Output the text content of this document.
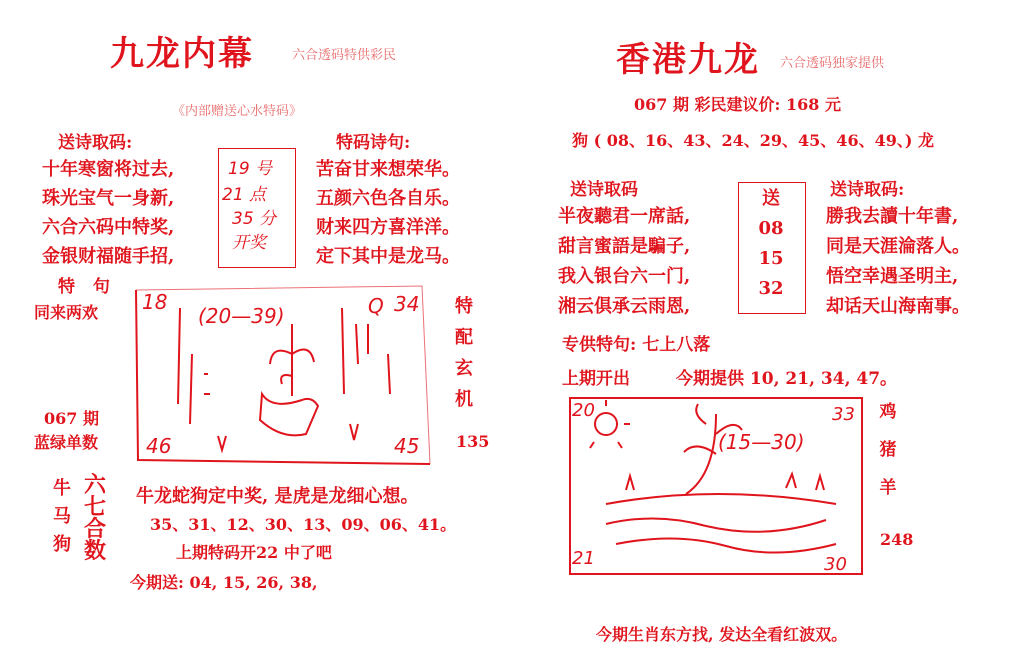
九龙内幕	六合透码特供彩民
《内部赠送心水特码》
送诗取码:
十年寒窗将过去,
珠光宝气一身新,
六合六码中特奖,
金银财福随手招,
19 号
21 点
35 分
开奖
特码诗句:
苦奋甘来想荣华。
五颜六色各自乐。
财来四方喜洋洋。
定下其中是龙马。
特 句
同来两欢
067 期
蓝绿单数
18	34
46	45
(20—39)	Q	特
配
玄
机
135
牛
马
狗
六
七
合
数
牛龙蛇狗定中奖, 是虎是龙细心想。
35、31、12、30、13、09、06、41。
上期特码开22 中了吧
今期送: 04, 15, 26, 38,
香港九龙 六合透码独家提供
067 期 彩民建议价: 168 元
狗 ( 08、16、43、24、29、45、46、49、) 龙
送诗取码
半夜聽君一席話,
甜言蜜語是騙子,
我入银台六一门,
湘云俱承云雨恩,
送
08
15
32
送诗取码:
勝我去讀十年書,
同是天涯淪落人。
悟空幸遇圣明主,
却话天山海南事。
专供特句: 七上八落
上期开出	今期提供 10, 21, 34, 47。
20	33
21	30
(15—30)
鸡
猪
羊
248
今期生肖东方找, 发达全看红波双。
